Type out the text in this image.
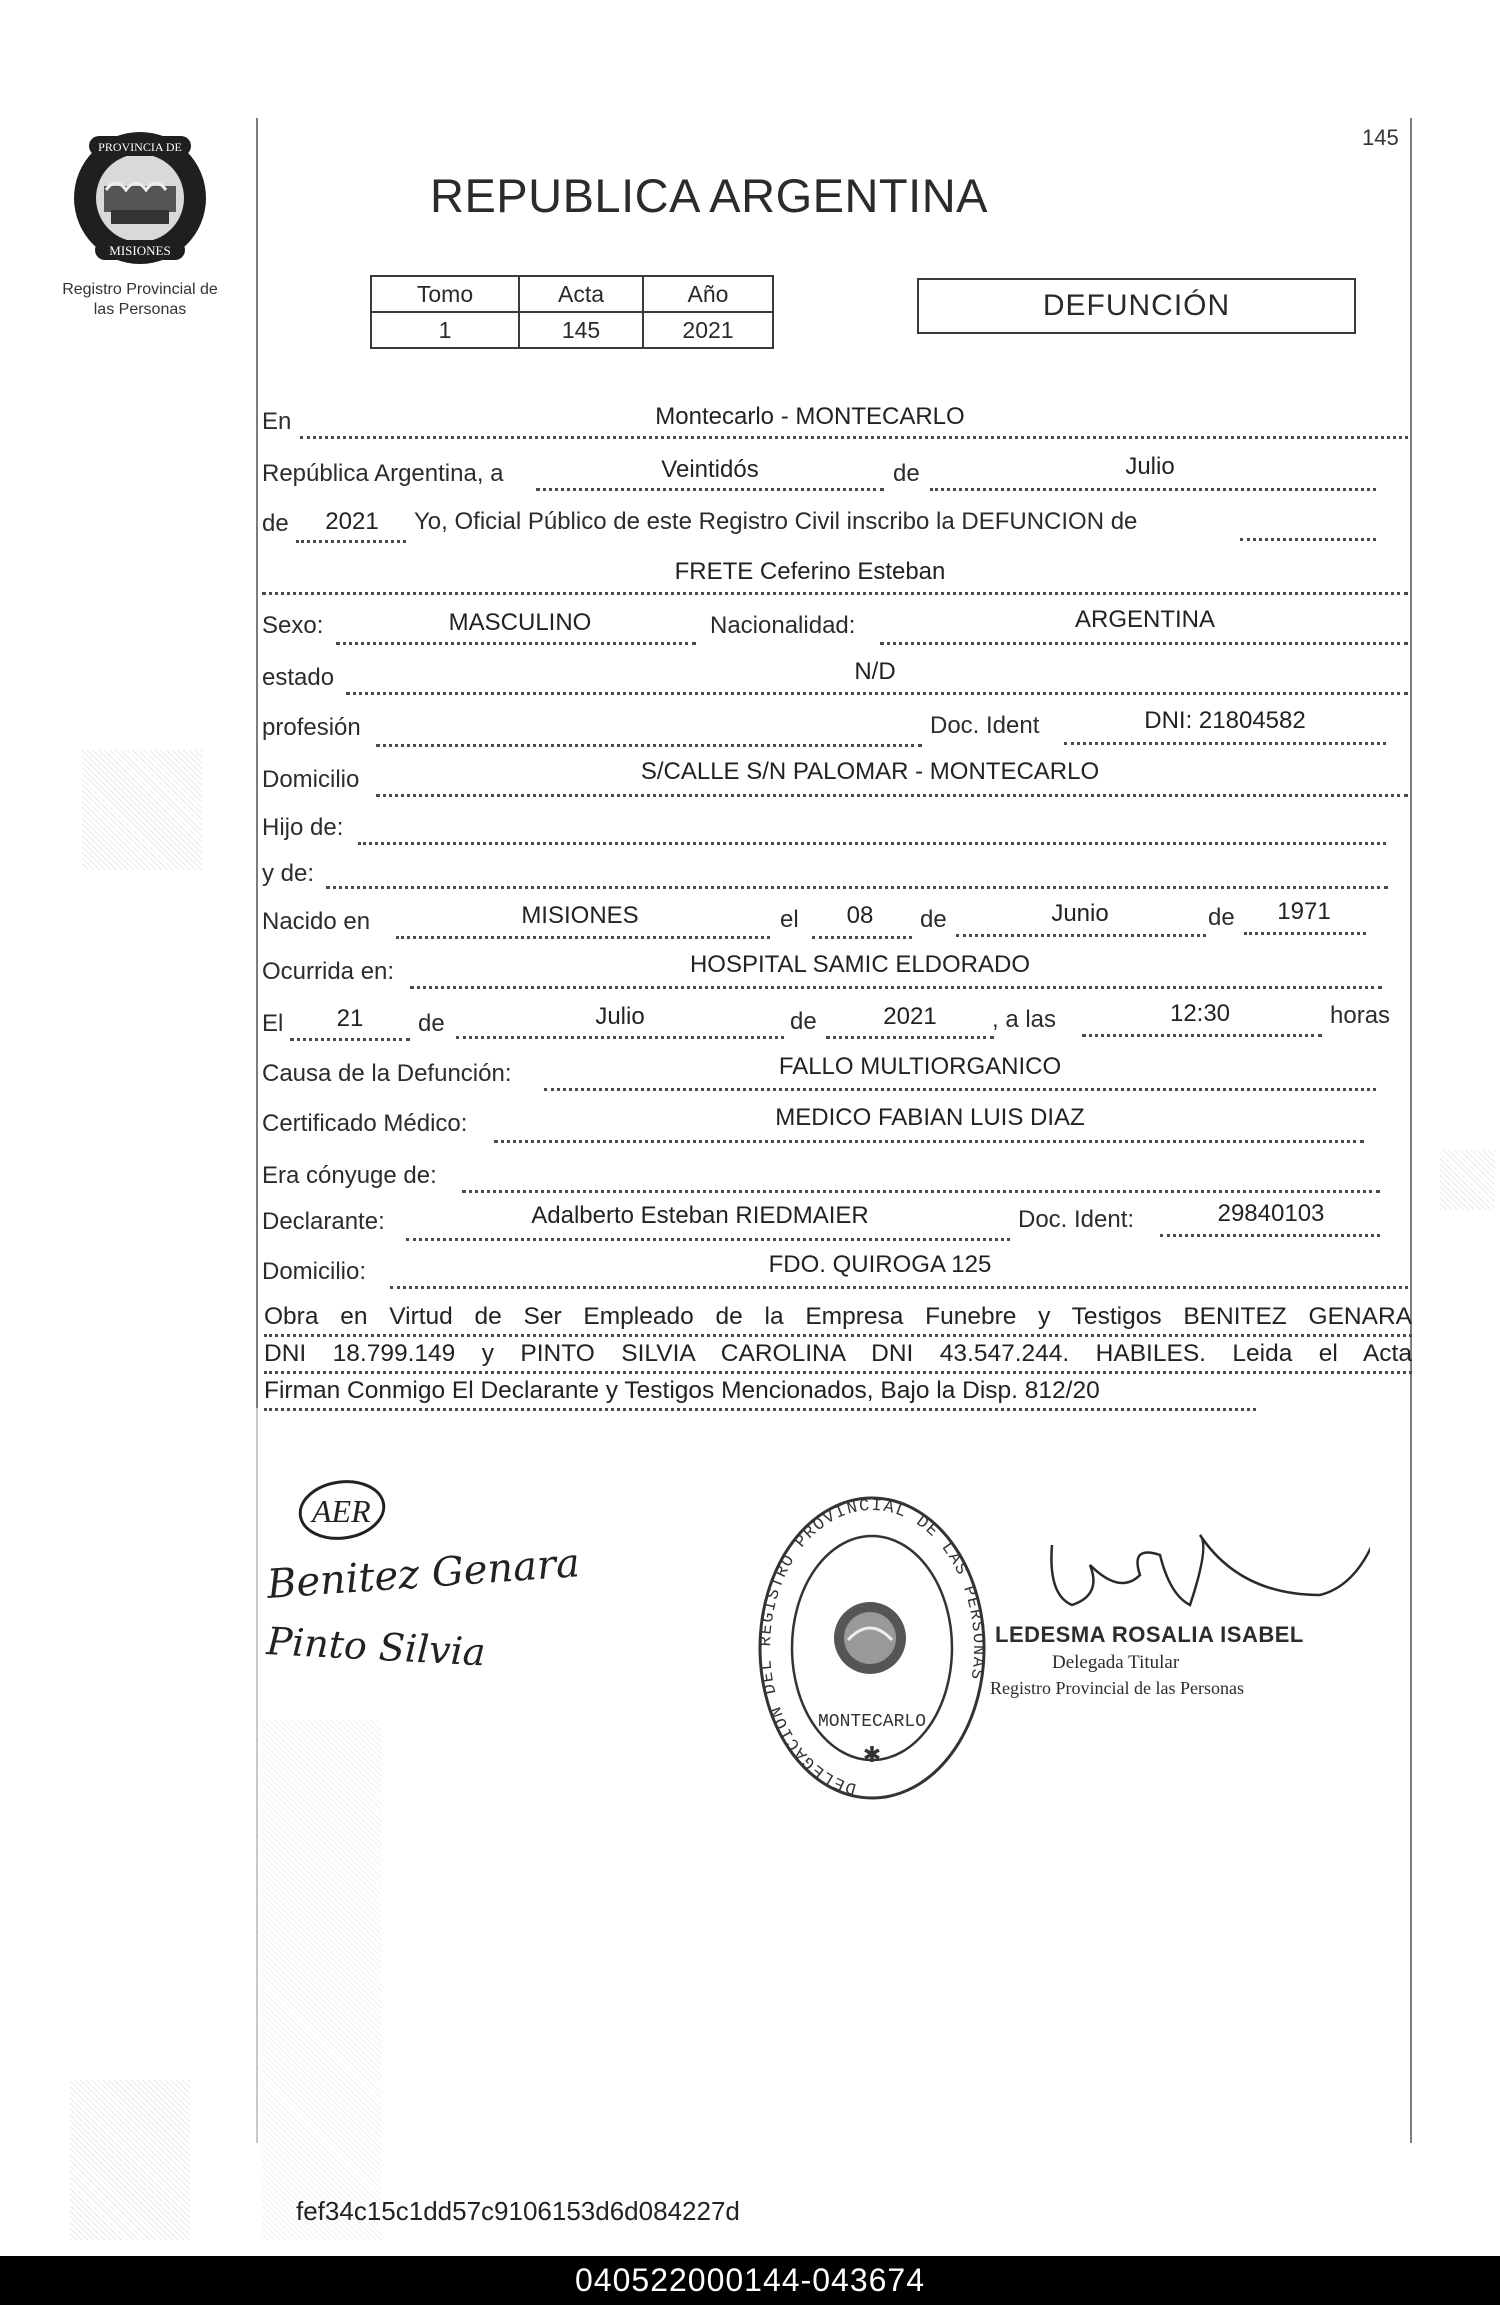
PROVINCIA DE
MISIONES
Registro Provincial de
las Personas
145
REPUBLICA ARGENTINA
Tomo	Acta	Año
1	145	2021
DEFUNCIÓN
En	Montecarlo - MONTECARLO
República Argentina, a	Veintidós	de	Julio
de	2021	Yo, Oficial Público de este Registro Civil inscribo la DEFUNCION de
FRETE Ceferino Esteban
Sexo:	MASCULINO	Nacionalidad:	ARGENTINA
estado	N/D
profesión	Doc. Ident	DNI: 21804582
Domicilio	S/CALLE S/N PALOMAR - MONTECARLO
Hijo de:
y de:
Nacido en	MISIONES	el	08	de	Junio	de	1971
Ocurrida en:	HOSPITAL SAMIC ELDORADO
El	21	de	Julio	de	2021	, a las	12:30	horas
Causa de la Defunción:	FALLO MULTIORGANICO
Certificado Médico:	MEDICO FABIAN LUIS DIAZ
Era cónyuge de:
Declarante:	Adalberto Esteban RIEDMAIER	Doc. Ident:	29840103
Domicilio:	FDO. QUIROGA 125
Obra en Virtud de Ser Empleado de la Empresa Funebre y Testigos BENITEZ GENARA
DNI 18.799.149 y PINTO SILVIA CAROLINA DNI 43.547.244. HABILES. Leida el Acta
Firman Conmigo El Declarante y Testigos Mencionados, Bajo la Disp. 812/20
AER
Benitez Genara
Pinto Silvia
DELEGACION DEL REGISTRO PROVINCIAL DE LAS PERSONAS
MONTECARLO
✱
LEDESMA ROSALIA ISABEL
Delegada Titular
Registro Provincial de las Personas
fef34c15c1dd57c9106153d6d084227d
040522000144-043674
